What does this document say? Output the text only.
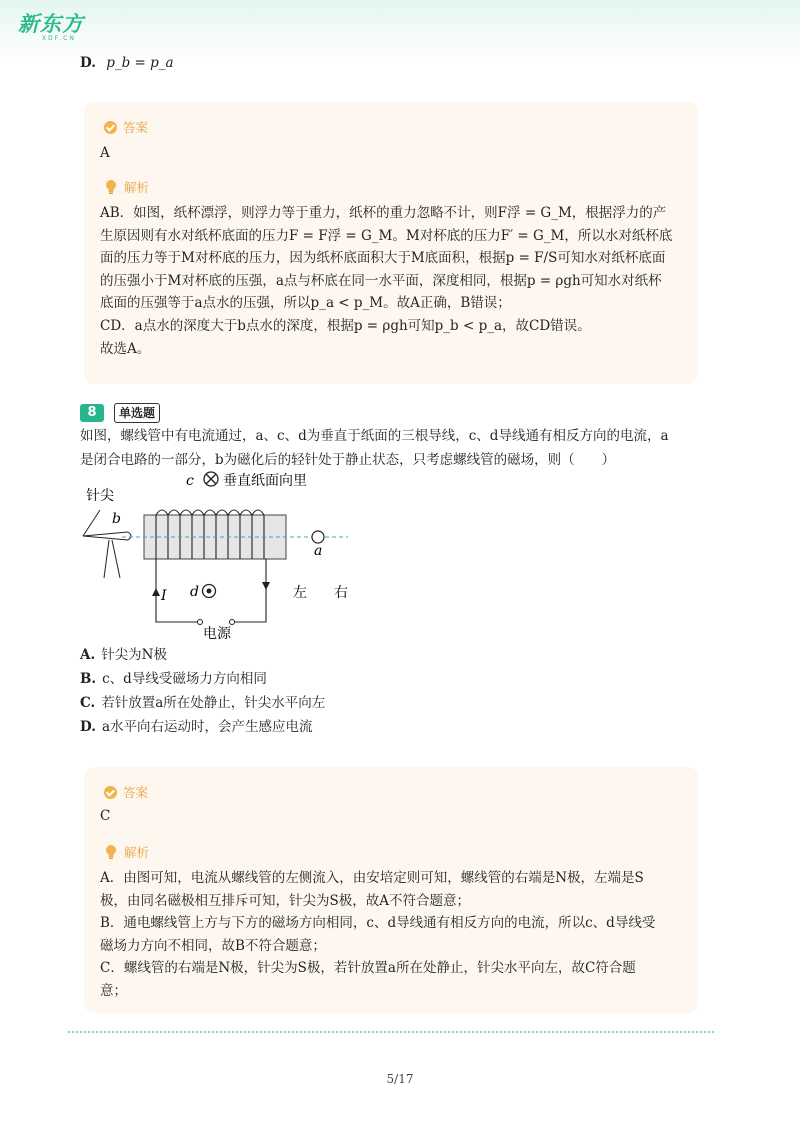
新东方
XDF.CN
D. p_b = p_a
答案
A
解析
AB．如图，纸杯漂浮，则浮力等于重力，纸杯的重力忽略不计，则F浮 = G_M，根据浮力的产
生原因则有水对纸杯底面的压力F = F浮 = G_M。M对杯底的压力F′ = G_M，所以水对纸杯底
面的压力等于M对杯底的压力，因为纸杯底面积大于M底面积，根据p = F/S可知水对纸杯底面
的压强小于M对杯底的压强，a点与杯底在同一水平面，深度相同，根据p = ρgh可知水对纸杯
底面的压强等于a点水的压强，所以p_a < p_M。故A正确，B错误；
CD．a点水的深度大于b点水的深度，根据p = ρgh可知p_b < p_a，故CD错误。
故选A。
8	单选题
如图，螺线管中有电流通过，a、c、d为垂直于纸面的三根导线，c、d导线通有相反方向的电流，a
是闭合电路的一部分，b为磁化后的轻针处于静止状态，只考虑螺线管的磁场，则（　　）
c 垂直纸面向里
针尖
b
a
I d	左 右
电源
A. 针尖为N极
B. c、d导线受磁场力方向相同
C. 若针放置a所在处静止，针尖水平向左
D. a水平向右运动时，会产生感应电流
答案
C
解析
A．由图可知，电流从螺线管的左侧流入，由安培定则可知，螺线管的右端是N极，左端是S
极，由同名磁极相互排斥可知，针尖为S极，故A不符合题意；
B．通电螺线管上方与下方的磁场方向相同，c、d导线通有相反方向的电流，所以c、d导线受
磁场力方向不相同，故B不符合题意；
C．螺线管的右端是N极，针尖为S极，若针放置a所在处静止，针尖水平向左，故C符合题
意；
5/17
